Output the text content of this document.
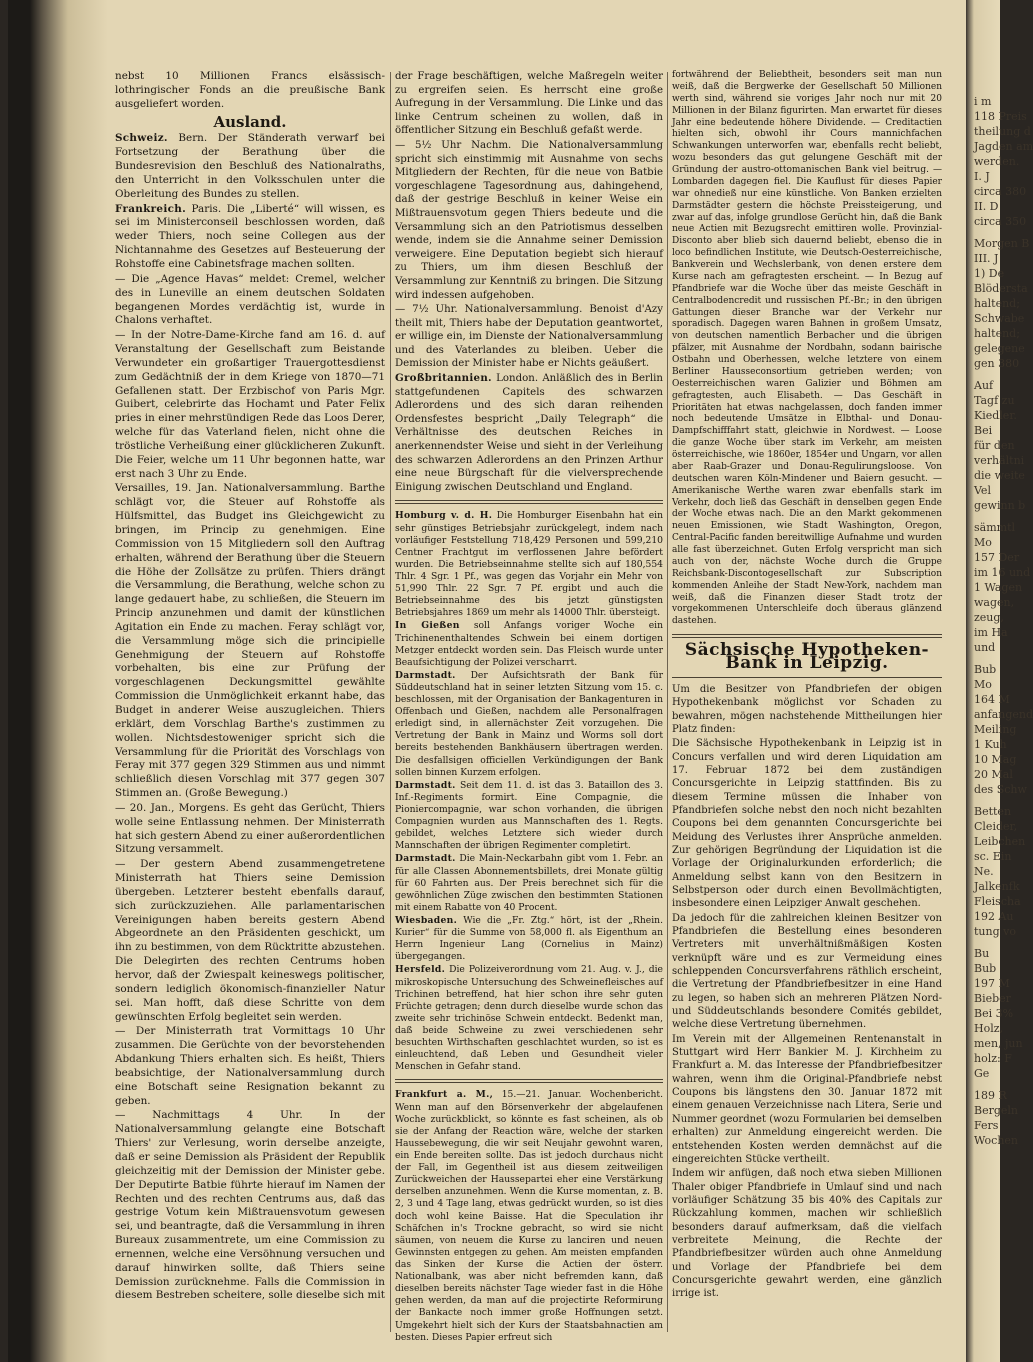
i m

118 Preis

theilung d

Jagden am

werden.

I. J

circa 380

II. D

circa 350

Morgen B

III. J

1) De

Blödersta

haltend;

Schwabe

haltend;

gelegene

gen 380

Auf

Tagf zu

Kiedler.

Bei

für den

verhältni

die weite

Vel

gewinn b

sämmtl

Mo

157 Der

im 16 und

1 Wagen

wagen,

zeug,

im Ha

und

Bub

Mo

164 M

anfangend

Meiling

1 Kuh

10 Mag

20 Mal

des Schw

Betten

Cleider,

Leibchen

sc. Ein

Ne.

Jalkenfk

Fleischa

192 Au

tung vo

Bu

Bub

197 M

Bieber

Bei 3%

Holz,

men, jun

holz: F

Ge

189 R

Bergeln

Fers

Wochen

nebst 10 Millionen Francs elsässisch-lothringischer Fonds an die preußische Bank ausgeliefert worden.

Ausland.

Schweiz. Bern. Der Ständerath verwarf bei Fortsetzung der Berathung über die Bundesrevision den Beschluß des Nationalraths, den Unterricht in den Volksschulen unter die Oberleitung des Bundes zu stellen.

Frankreich. Paris. Die „Liberté“ will wissen, es sei im Ministerconseil beschlossen worden, daß weder Thiers, noch seine Collegen aus der Nichtannahme des Gesetzes auf Besteuerung der Rohstoffe eine Cabinetsfrage machen sollten.

— Die „Agence Havas“ meldet: Cremel, welcher des in Luneville an einem deutschen Soldaten begangenen Mordes verdächtig ist, wurde in Chalons verhaftet.

— In der Notre-Dame-Kirche fand am 16. d. auf Veranstaltung der Gesellschaft zum Beistande Verwundeter ein großartiger Trauergottesdienst zum Gedächtniß der in dem Kriege von 1870—71 Gefallenen statt. Der Erzbischof von Paris Mgr. Guibert, celebrirte das Hochamt und Pater Felix pries in einer mehrstündigen Rede das Loos Derer, welche für das Vaterland fielen, nicht ohne die tröstliche Verheißung einer glücklicheren Zukunft. Die Feier, welche um 11 Uhr begonnen hatte, war erst nach 3 Uhr zu Ende.

Versailles, 19. Jan. Nationalversammlung. Barthe schlägt vor, die Steuer auf Rohstoffe als Hülfsmittel, das Budget ins Gleichgewicht zu bringen, im Princip zu genehmigen. Eine Commission von 15 Mitgliedern soll den Auftrag erhalten, während der Berathung über die Steuern die Höhe der Zollsätze zu prüfen. Thiers drängt die Versammlung, die Berathung, welche schon zu lange gedauert habe, zu schließen, die Steuern im Princip anzunehmen und damit der künstlichen Agitation ein Ende zu machen. Feray schlägt vor, die Versammlung möge sich die principielle Genehmigung der Steuern auf Rohstoffe vorbehalten, bis eine zur Prüfung der vorgeschlagenen Deckungsmittel gewählte Commission die Unmöglichkeit erkannt habe, das Budget in anderer Weise auszugleichen. Thiers erklärt, dem Vorschlag Barthe's zustimmen zu wollen. Nichtsdestoweniger spricht sich die Versammlung für die Priorität des Vorschlags von Feray mit 377 gegen 329 Stimmen aus und nimmt schließlich diesen Vorschlag mit 377 gegen 307 Stimmen an. (Große Bewegung.)

— 20. Jan., Morgens. Es geht das Gerücht, Thiers wolle seine Entlassung nehmen. Der Ministerrath hat sich gestern Abend zu einer außerordentlichen Sitzung versammelt.

— Der gestern Abend zusammengetretene Ministerrath hat Thiers seine Demission übergeben. Letzterer besteht ebenfalls darauf, sich zurückzuziehen. Alle parlamentarischen Vereinigungen haben bereits gestern Abend Abgeordnete an den Präsidenten geschickt, um ihn zu bestimmen, von dem Rücktritte abzustehen. Die Delegirten des rechten Centrums hoben hervor, daß der Zwiespalt keineswegs politischer, sondern lediglich ökonomisch-finanzieller Natur sei. Man hofft, daß diese Schritte von dem gewünschten Erfolg begleitet sein werden.

— Der Ministerrath trat Vormittags 10 Uhr zusammen. Die Gerüchte von der bevorstehenden Abdankung Thiers erhalten sich. Es heißt, Thiers beabsichtige, der Nationalversammlung durch eine Botschaft seine Resignation bekannt zu geben.

— Nachmittags 4 Uhr. In der Nationalversammlung gelangte eine Botschaft Thiers' zur Verlesung, worin derselbe anzeigte, daß er seine Demission als Präsident der Republik gleichzeitig mit der Demission der Minister gebe. Der Deputirte Batbie führte hierauf im Namen der Rechten und des rechten Centrums aus, daß das gestrige Votum kein Mißtrauensvotum gewesen sei, und beantragte, daß die Versammlung in ihren Bureaux zusammentrete, um eine Commission zu ernennen, welche eine Versöhnung versuchen und darauf hinwirken sollte, daß Thiers seine Demission zurücknehme. Falls die Commission in diesem Bestreben scheitere, solle dieselbe sich mit

der Frage beschäftigen, welche Maßregeln weiter zu ergreifen seien. Es herrscht eine große Aufregung in der Versammlung. Die Linke und das linke Centrum scheinen zu wollen, daß in öffentlicher Sitzung ein Beschluß gefaßt werde.

— 5½ Uhr Nachm. Die Nationalversammlung spricht sich einstimmig mit Ausnahme von sechs Mitgliedern der Rechten, für die neue von Batbie vorgeschlagene Tagesordnung aus, dahingehend, daß der gestrige Beschluß in keiner Weise ein Mißtrauensvotum gegen Thiers bedeute und die Versammlung sich an den Patriotismus desselben wende, indem sie die Annahme seiner Demission verweigere. Eine Deputation begiebt sich hierauf zu Thiers, um ihm diesen Beschluß der Versammlung zur Kenntniß zu bringen. Die Sitzung wird indessen aufgehoben.

— 7½ Uhr. Nationalversammlung. Benoist d'Azy theilt mit, Thiers habe der Deputation geantwortet, er willige ein, im Dienste der Nationalversammlung und des Vaterlandes zu bleiben. Ueber die Demission der Minister habe er Nichts geäußert.

Großbritannien. London. Anläßlich des in Berlin stattgefundenen Capitels des schwarzen Adlerordens und des sich daran reihenden Ordensfestes bespricht „Daily Telegraph“ die Verhältnisse des deutschen Reiches in anerkennendster Weise und sieht in der Verleihung des schwarzen Adlerordens an den Prinzen Arthur eine neue Bürgschaft für die vielversprechende Einigung zwischen Deutschland und England.

Homburg v. d. H. Die Homburger Eisenbahn hat ein sehr günstiges Betriebsjahr zurückgelegt, indem nach vorläufiger Feststellung 718,429 Personen und 599,210 Centner Frachtgut im verflossenen Jahre befördert wurden. Die Betriebseinnahme stellte sich auf 180,554 Thlr. 4 Sgr. 1 Pf., was gegen das Vorjahr ein Mehr von 51,990 Thlr. 22 Sgr. 7 Pf. ergibt und auch die Betriebseinnahme des bis jetzt günstigsten Betriebsjahres 1869 um mehr als 14000 Thlr. übersteigt.

In Gießen soll Anfangs voriger Woche ein Trichinenenthaltendes Schwein bei einem dortigen Metzger entdeckt worden sein. Das Fleisch wurde unter Beaufsichtigung der Polizei verscharrt.

Darmstadt. Der Aufsichtsrath der Bank für Süddeutschland hat in seiner letzten Sitzung vom 15. c. beschlossen, mit der Organisation der Bankagenturen in Offenbach und Gießen, nachdem alle Personalfragen erledigt sind, in allernächster Zeit vorzugehen. Die Vertretung der Bank in Mainz und Worms soll dort bereits bestehenden Bankhäusern übertragen werden. Die desfallsigen officiellen Verkündigungen der Bank sollen binnen Kurzem erfolgen.

Darmstadt. Seit dem 11. d. ist das 3. Bataillon des 3. Inf.-Regiments formirt. Eine Compagnie, die Pioniercompagnie, war schon vorhanden, die übrigen Compagnien wurden aus Mannschaften des 1. Regts. gebildet, welches Letztere sich wieder durch Mannschaften der übrigen Regimenter completirt.

Darmstadt. Die Main-Neckarbahn gibt vom 1. Febr. an für alle Classen Abonnementsbillets, drei Monate gültig für 60 Fahrten aus. Der Preis berechnet sich für die gewöhnlichen Züge zwischen den bestimmten Stationen mit einem Rabatte von 40 Procent.

Wiesbaden. Wie die „Fr. Ztg.“ hört, ist der „Rhein. Kurier“ für die Summe von 58,000 fl. als Eigenthum an Herrn Ingenieur Lang (Cornelius in Mainz) übergegangen.

Hersfeld. Die Polizeiverordnung vom 21. Aug. v. J., die mikroskopische Untersuchung des Schweinefleisches auf Trichinen betreffend, hat hier schon ihre sehr guten Früchte getragen; denn durch dieselbe wurde schon das zweite sehr trichinöse Schwein entdeckt. Bedenkt man, daß beide Schweine zu zwei verschiedenen sehr besuchten Wirthschaften geschlachtet wurden, so ist es einleuchtend, daß Leben und Gesundheit vieler Menschen in Gefahr stand.

Frankfurt a. M., 15.—21. Januar. Wochenbericht. Wenn man auf den Börsenverkehr der abgelaufenen Woche zurückblickt, so könnte es fast scheinen, als ob sie der Anfang der Reaction wäre, welche der starken Haussebewegung, die wir seit Neujahr gewohnt waren, ein Ende bereiten sollte. Das ist jedoch durchaus nicht der Fall, im Gegentheil ist aus diesem zeitweiligen Zurückweichen der Haussepartei eher eine Verstärkung derselben anzunehmen. Wenn die Kurse momentan, z. B. 2, 3 und 4 Tage lang, etwas gedrückt wurden, so ist dies doch wohl keine Baisse. Hat die Speculation ihr Schäfchen in's Trockne gebracht, so wird sie nicht säumen, von neuem die Kurse zu lanciren und neuen Gewinnsten entgegen zu gehen. Am meisten empfanden das Sinken der Kurse die Actien der österr. Nationalbank, was aber nicht befremden kann, daß dieselben bereits nächster Tage wieder fast in die Höhe gehen werden, da man auf die projectirte Reformirung der Bankacte noch immer große Hoffnungen setzt. Umgekehrt hielt sich der Kurs der Staatsbahnactien am besten. Dieses Papier erfreut sich

fortwährend der Beliebtheit, besonders seit man nun weiß, daß die Bergwerke der Gesellschaft 50 Millionen werth sind, während sie voriges Jahr noch nur mit 20 Millionen in der Bilanz figurirten. Man erwartet für dieses Jahr eine bedeutende höhere Dividende. — Creditactien hielten sich, obwohl ihr Cours mannichfachen Schwankungen unterworfen war, ebenfalls recht beliebt, wozu besonders das gut gelungene Geschäft mit der Gründung der austro-ottomanischen Bank viel beitrug. — Lombarden dagegen fiel. Die Kauflust für dieses Papier war ohnedieß nur eine künstliche. Von Banken erzielten Darmstädter gestern die höchste Preissteigerung, und zwar auf das, infolge grundlose Gerücht hin, daß die Bank neue Actien mit Bezugsrecht emittiren wolle. Provinzial-Disconto aber blieb sich dauernd beliebt, ebenso die in loco befindlichen Institute, wie Deutsch-Oesterreichische, Bankverein und Wechslerbank, von denen erstere dem Kurse nach am gefragtesten erscheint. — In Bezug auf Pfandbriefe war die Woche über das meiste Geschäft in Centralbodencredit und russischen Pf.-Br.; in den übrigen Gattungen dieser Branche war der Verkehr nur sporadisch. Dagegen waren Bahnen in großem Umsatz, von deutschen namentlich Berbacher und die übrigen pfälzer, mit Ausnahme der Nordbahn, sodann bairische Ostbahn und Oberhessen, welche letztere von einem Berliner Hausseconsortium getrieben werden; von Oesterreichischen waren Galizier und Böhmen am gefragtesten, auch Elisabeth. — Das Geschäft in Prioritäten hat etwas nachgelassen, doch fanden immer noch bedeutende Umsätze in Elbthal- und Donau-Dampfschifffahrt statt, gleichwie in Nordwest. — Loose die ganze Woche über stark im Verkehr, am meisten österreichische, wie 1860er, 1854er und Ungarn, vor allen aber Raab-Grazer und Donau-Regulirungsloose. Von deutschen waren Köln-Mindener und Baiern gesucht. — Amerikanische Werthe waren zwar ebenfalls stark im Verkehr, doch ließ das Geschäft in denselben gegen Ende der Woche etwas nach. Die an den Markt gekommenen neuen Emissionen, wie Stadt Washington, Oregon, Central-Pacific fanden bereitwillige Aufnahme und wurden alle fast überzeichnet. Guten Erfolg verspricht man sich auch von der, nächste Woche durch die Gruppe Reichsbank-Discontogesellschaft zur Subscription kommenden Anleihe der Stadt New-York, nachdem man weiß, daß die Finanzen dieser Stadt trotz der vorgekommenen Unterschleife doch überaus glänzend dastehen.

Sächsische Hypotheken-Bank in Leipzig.

Um die Besitzer von Pfandbriefen der obigen Hypothekenbank möglichst vor Schaden zu bewahren, mögen nachstehende Mittheilungen hier Platz finden:

Die Sächsische Hypothekenbank in Leipzig ist in Concurs verfallen und wird deren Liquidation am 17. Februar 1872 bei dem zuständigen Concursgerichte in Leipzig stattfinden. Bis zu diesem Termine müssen die Inhaber von Pfandbriefen solche nebst den noch nicht bezahlten Coupons bei dem genannten Concursgerichte bei Meidung des Verlustes ihrer Ansprüche anmelden. Zur gehörigen Begründung der Liquidation ist die Vorlage der Originalurkunden erforderlich; die Anmeldung selbst kann von den Besitzern in Selbstperson oder durch einen Bevollmächtigten, insbesondere einen Leipziger Anwalt geschehen.

Da jedoch für die zahlreichen kleinen Besitzer von Pfandbriefen die Bestellung eines besonderen Vertreters mit unverhältnißmäßigen Kosten verknüpft wäre und es zur Vermeidung eines schleppenden Concursverfahrens räthlich erscheint, die Vertretung der Pfandbriefbesitzer in eine Hand zu legen, so haben sich an mehreren Plätzen Nord- und Süddeutschlands besondere Comités gebildet, welche diese Vertretung übernehmen.

Im Verein mit der Allgemeinen Rentenanstalt in Stuttgart wird Herr Bankier M. J. Kirchheim zu Frankfurt a. M. das Interesse der Pfandbriefbesitzer wahren, wenn ihm die Original-Pfandbriefe nebst Coupons bis längstens den 30. Januar 1872 mit einem genauen Verzeichnisse nach Litera, Serie und Nummer geordnet (wozu Formularien bei demselben erhalten) zur Anmeldung eingereicht werden. Die entstehenden Kosten werden demnächst auf die eingereichten Stücke vertheilt.

Indem wir anfügen, daß noch etwa sieben Millionen Thaler obiger Pfandbriefe in Umlauf sind und nach vorläufiger Schätzung 35 bis 40% des Capitals zur Rückzahlung kommen, machen wir schließlich besonders darauf aufmerksam, daß die vielfach verbreitete Meinung, die Rechte der Pfandbriefbesitzer würden auch ohne Anmeldung und Vorlage der Pfandbriefe bei dem Concursgerichte gewahrt werden, eine gänzlich irrige ist.
